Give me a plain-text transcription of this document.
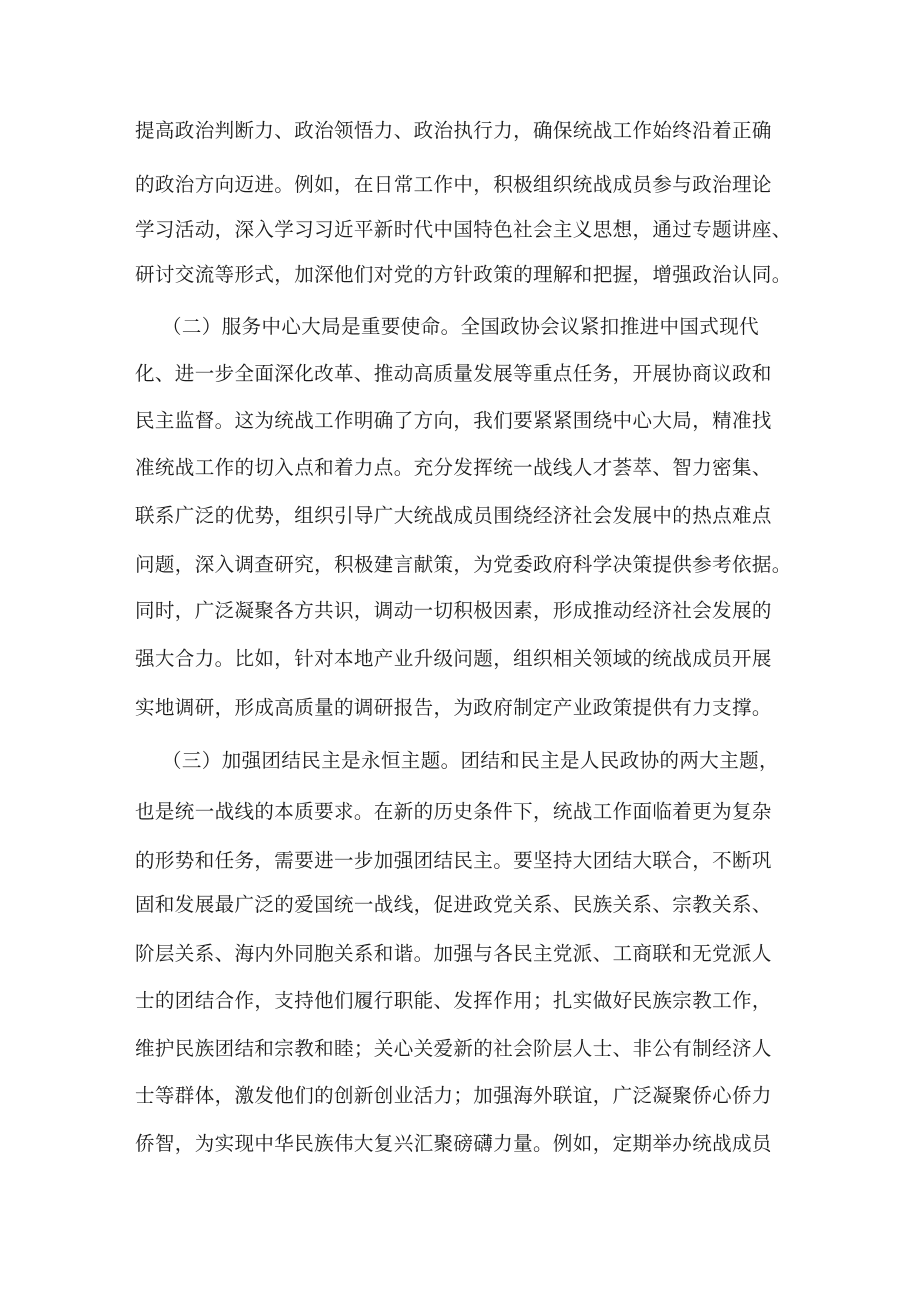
提高政治判断力、政治领悟力、政治执行力，确保统战工作始终沿着正确
的政治方向迈进。例如，在日常工作中，积极组织统战成员参与政治理论
学习活动，深入学习习近平新时代中国特色社会主义思想，通过专题讲座、
研讨交流等形式，加深他们对党的方针政策的理解和把握，增强政治认同。
（二）服务中心大局是重要使命。全国政协会议紧扣推进中国式现代
化、进一步全面深化改革、推动高质量发展等重点任务，开展协商议政和
民主监督。这为统战工作明确了方向，我们要紧紧围绕中心大局，精准找
准统战工作的切入点和着力点。充分发挥统一战线人才荟萃、智力密集、
联系广泛的优势，组织引导广大统战成员围绕经济社会发展中的热点难点
问题，深入调查研究，积极建言献策，为党委政府科学决策提供参考依据。
同时，广泛凝聚各方共识，调动一切积极因素，形成推动经济社会发展的
强大合力。比如，针对本地产业升级问题，组织相关领域的统战成员开展
实地调研，形成高质量的调研报告，为政府制定产业政策提供有力支撑。
（三）加强团结民主是永恒主题。团结和民主是人民政协的两大主题，
也是统一战线的本质要求。在新的历史条件下，统战工作面临着更为复杂
的形势和任务，需要进一步加强团结民主。要坚持大团结大联合，不断巩
固和发展最广泛的爱国统一战线，促进政党关系、民族关系、宗教关系、
阶层关系、海内外同胞关系和谐。加强与各民主党派、工商联和无党派人
士的团结合作，支持他们履行职能、发挥作用；扎实做好民族宗教工作，
维护民族团结和宗教和睦；关心关爱新的社会阶层人士、非公有制经济人
士等群体，激发他们的创新创业活力；加强海外联谊，广泛凝聚侨心侨力
侨智，为实现中华民族伟大复兴汇聚磅礴力量。例如，定期举办统战成员
